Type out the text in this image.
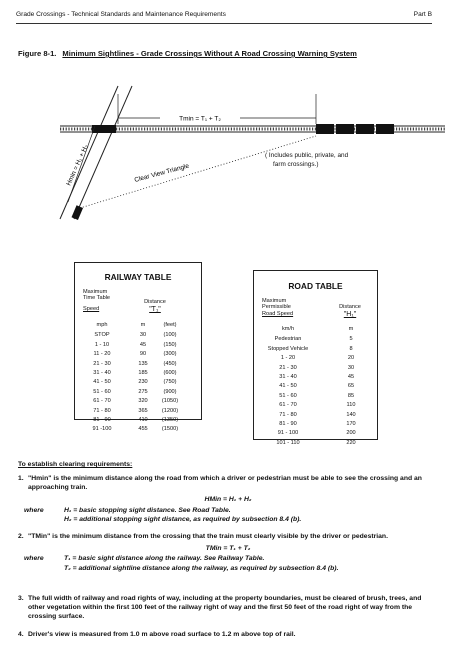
Grade Crossings - Technical Standards and Maintenance Requirements	Part B
Figure 8-1. Minimum Sightlines - Grade Crossings Without A Road Crossing Warning System
Tmin = T₁ + T₂
Hmin = H₁ + H₂	Clear View Triangle
( Includes public, private, and
farm crossings.)
RAILWAY TABLE
Maximum
Time Table
Speed
Distance
"T₁"
mph	m	(feet)
STOP	30	(100)
1 - 10	45	(150)
11 - 20	90	(300)
21 - 30	135	(450)
31 - 40	185	(600)
41 - 50	230	(750)
51 - 60	275	(900)
61 - 70	320	(1050)
71 - 80	365	(1200)
81 - 90	410	(1350)
91 -100	455	(1500)
ROAD TABLE
Maximum
Permissible
Road Speed
Distance
"H₁"
km/h	m
Pedestrian	5
Stopped Vehicle	8
1 - 20	20
21 - 30	30
31 - 40	45
41 - 50	65
51 - 60	85
61 - 70	110
71 - 80	140
81 - 90	170
91 - 100	200
101 - 110	220
To establish clearing requirements:
1. "Hmin" is the minimum distance along the road from which a driver or pedestrian must be able to see the crossing and an approaching train.
HMin = H₁ + H₂
where	H₁ = basic stopping sight distance. See Road Table.
H₂ = additional stopping sight distance, as required by subsection 8.4 (b).
2. "TMin" is the minimum distance from the crossing that the train must clearly visible by the driver or pedestrian.
TMin = T₁ + T₂
where	T₁ = basic sight distance along the railway. See Railway Table.
T₂ = additional sightline distance along the railway, as required by subsection 8.4 (b).
3. The full width of railway and road rights of way, including at the property boundaries, must be cleared of brush, trees, and other vegetation within the first 100 feet of the railway right of way and the first 50 feet of the road right of way from the crossing surface.
4. Driver's view is measured from 1.0 m above road surface to 1.2 m above top of rail.
